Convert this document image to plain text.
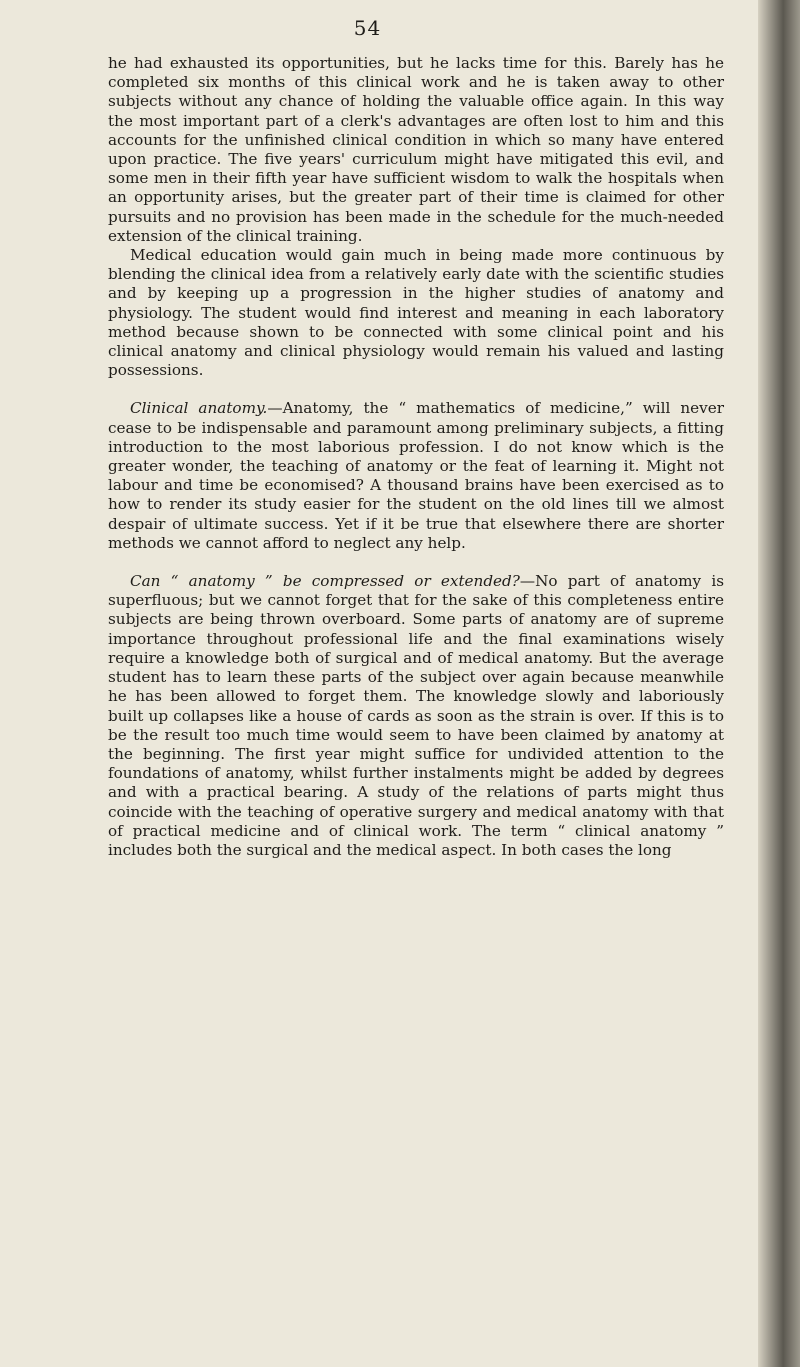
54

he had exhausted its opportunities, but he lacks time for this. Barely has he completed six months of this clinical work and he is taken away to other subjects without any chance of holding the valuable office again. In this way the most important part of a clerk's advantages are often lost to him and this accounts for the unfinished clinical condition in which so many have entered upon practice. The five years' curriculum might have mitigated this evil, and some men in their fifth year have sufficient wisdom to walk the hospitals when an opportunity arises, but the greater part of their time is claimed for other pursuits and no provision has been made in the schedule for the much-needed extension of the clinical training.

Medical education would gain much in being made more continuous by blending the clinical idea from a relatively early date with the scientific studies and by keeping up a progression in the higher studies of anatomy and physiology. The student would find interest and meaning in each laboratory method because shown to be connected with some clinical point and his clinical anatomy and clinical physiology would remain his valued and lasting possessions.

Clinical anatomy.—Anatomy, the “ mathematics of medicine,” will never cease to be indispensable and paramount among preliminary subjects, a fitting introduction to the most laborious profession. I do not know which is the greater wonder, the teaching of anatomy or the feat of learning it. Might not labour and time be economised? A thousand brains have been exercised as to how to render its study easier for the student on the old lines till we almost despair of ultimate success. Yet if it be true that elsewhere there are shorter methods we cannot afford to neglect any help.

Can “ anatomy ” be compressed or extended?—No part of anatomy is superfluous; but we cannot forget that for the sake of this completeness entire subjects are being thrown overboard. Some parts of anatomy are of supreme importance throughout professional life and the final examinations wisely require a knowledge both of surgical and of medical anatomy. But the average student has to learn these parts of the subject over again because meanwhile he has been allowed to forget them. The knowledge slowly and laboriously built up collapses like a house of cards as soon as the strain is over. If this is to be the result too much time would seem to have been claimed by anatomy at the beginning. The first year might suffice for undivided attention to the foundations of anatomy, whilst further instalments might be added by degrees and with a practical bearing. A study of the relations of parts might thus coincide with the teaching of operative surgery and medical anatomy with that of practical medicine and of clinical work. The term “ clinical anatomy ” includes both the surgical and the medical aspect. In both cases the long
